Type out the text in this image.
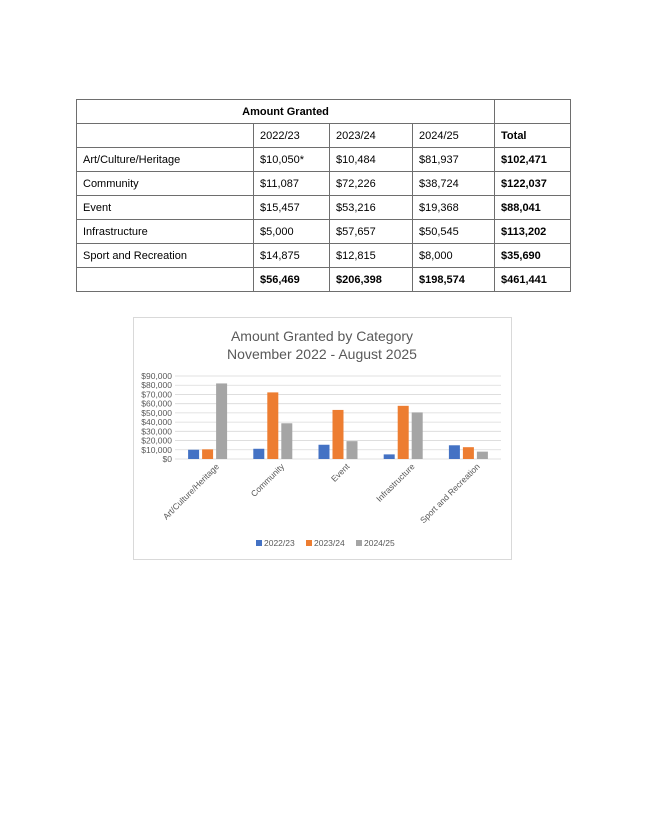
Amount Granted				
	2022/23	2023/24	2024/25	Total
Art/Culture/Heritage	$10,050*	$10,484	$81,937	$102,471
Community	$11,087	$72,226	$38,724	$122,037
Event	$15,457	$53,216	$19,368	$88,041
Infrastructure	$5,000	$57,657	$50,545	$113,202
Sport and Recreation	$14,875	$12,815	$8,000	$35,690
	$56,469	$206,398	$198,574	$461,441
Amount Granted by Category
November 2022 - August 2025
$0
$10,000
$20,000
$30,000
$40,000
$50,000
$60,000
$70,000
$80,000
$90,000
Art/Culture/Heritage	Community	Event	Infrastructure Sport and Recreation
2022/23 2023/24 2024/25
